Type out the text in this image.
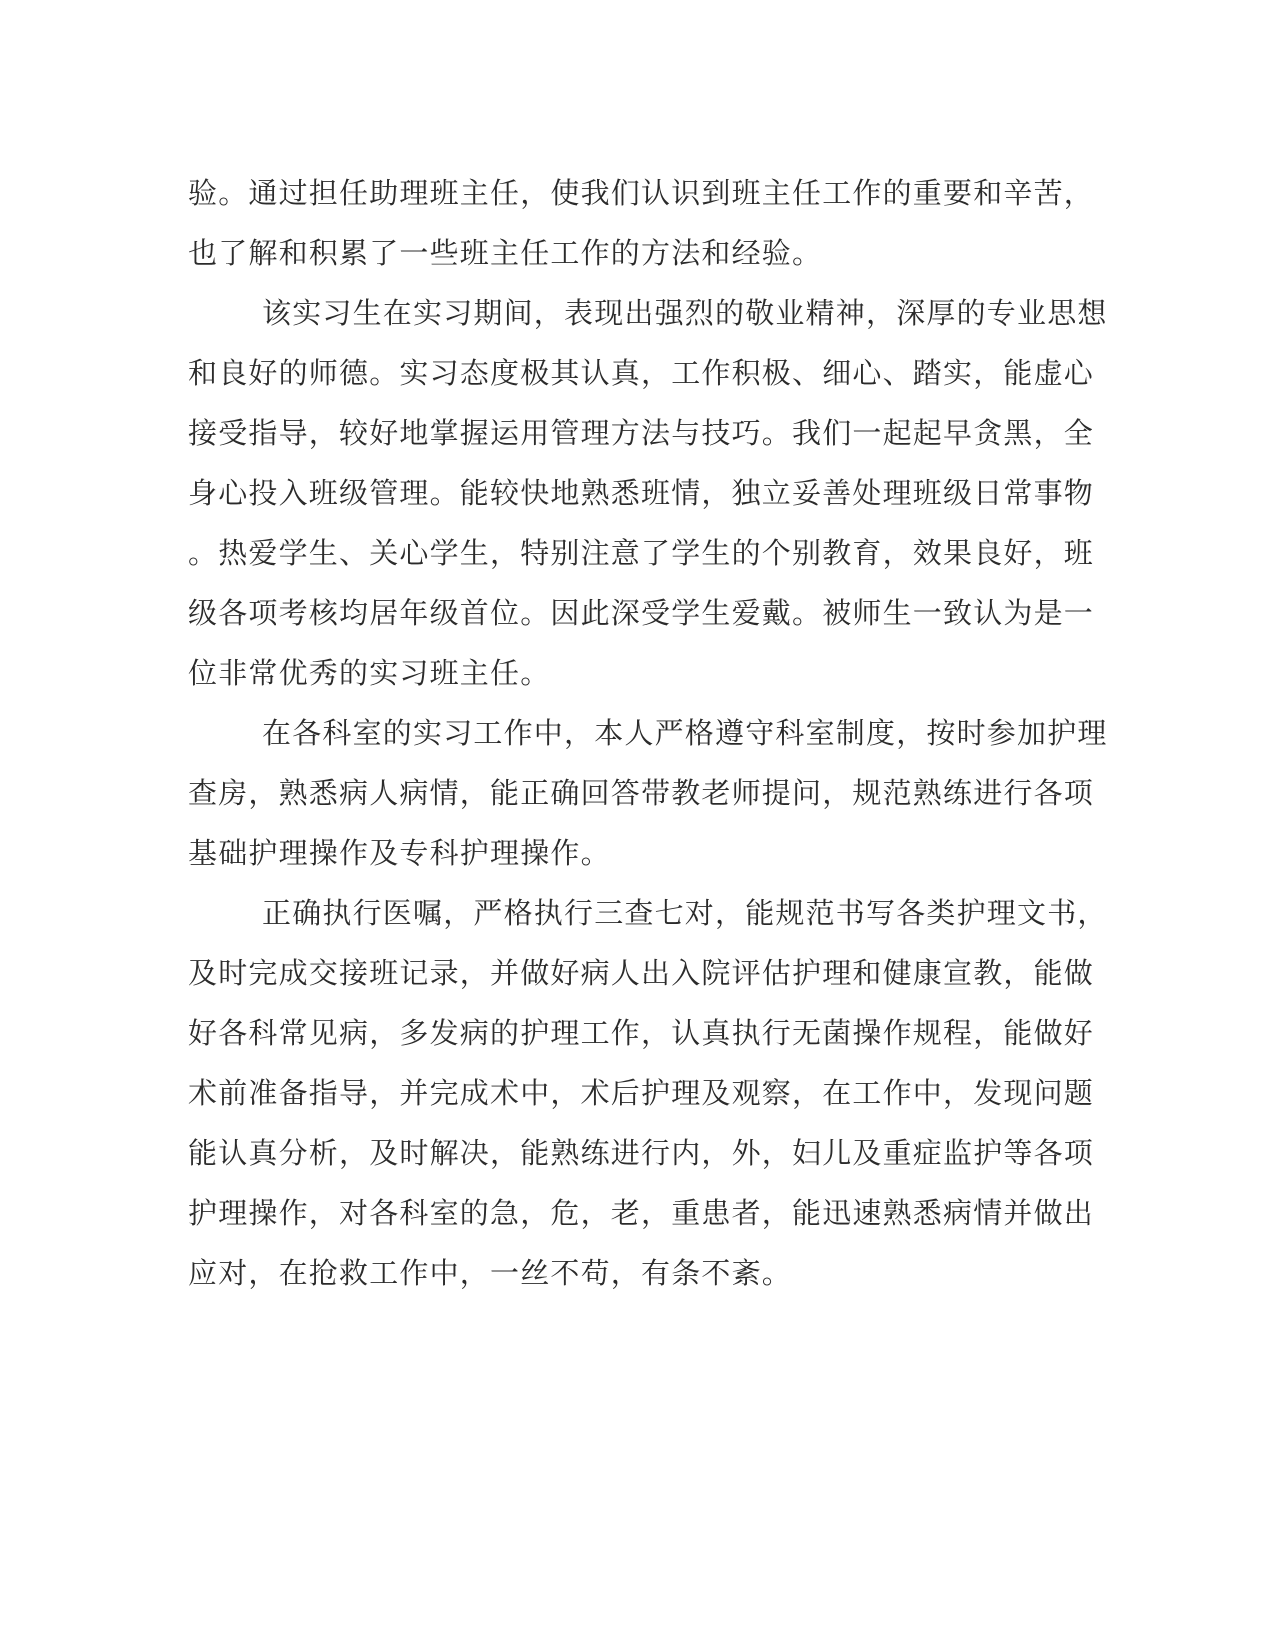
验。通过担任助理班主任，使我们认识到班主任工作的重要和辛苦，
也了解和积累了一些班主任工作的方法和经验。
该实习生在实习期间，表现出强烈的敬业精神，深厚的专业思想
和良好的师德。实习态度极其认真，工作积极、细心、踏实，能虚心
接受指导，较好地掌握运用管理方法与技巧。我们一起起早贪黑，全
身心投入班级管理。能较快地熟悉班情，独立妥善处理班级日常事物
。热爱学生、关心学生，特别注意了学生的个别教育，效果良好，班
级各项考核均居年级首位。因此深受学生爱戴。被师生一致认为是一
位非常优秀的实习班主任。
在各科室的实习工作中，本人严格遵守科室制度，按时参加护理
查房，熟悉病人病情，能正确回答带教老师提问，规范熟练进行各项
基础护理操作及专科护理操作。
正确执行医嘱，严格执行三查七对，能规范书写各类护理文书，
及时完成交接班记录，并做好病人出入院评估护理和健康宣教，能做
好各科常见病，多发病的护理工作，认真执行无菌操作规程，能做好
术前准备指导，并完成术中，术后护理及观察，在工作中，发现问题
能认真分析，及时解决，能熟练进行内，外，妇儿及重症监护等各项
护理操作，对各科室的急，危，老，重患者，能迅速熟悉病情并做出
应对，在抢救工作中，一丝不苟，有条不紊。
